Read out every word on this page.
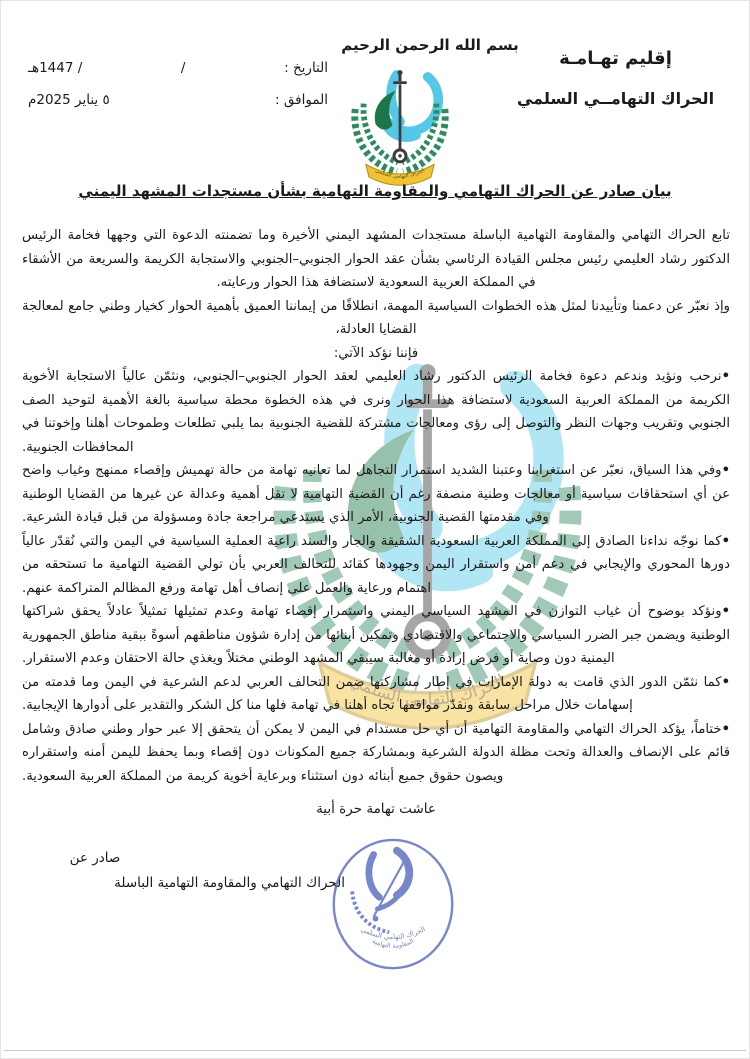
بسم الله الرحمن الرحيم
إقليم تهـامـة
الحراك التهامــي السلمي
التاريخ :
/
/ 1447هـ
الموافق :
٥ يناير 2025م
الحراك التهامي السلمي
بيان صادر عن الحراك التهامي والمقاومة التهامية بشأن مستجدات المشهد اليمني

تابع الحراك التهامي والمقاومة التهامية الباسلة مستجدات المشهد اليمني الأخيرة وما تضمنته الدعوة التي وجهها فخامة الرئيس الدكتور رشاد العليمي رئيس مجلس القيادة الرئاسي بشأن عقد الحوار الجنوبي–الجنوبي والاستجابة الكريمة والسريعة من الأشقاء في المملكة العربية السعودية لاستضافة هذا الحوار ورعايته.

وإذ نعبّر عن دعمنا وتأييدنا لمثل هذه الخطوات السياسية المهمة، انطلاقًا من إيماننا العميق بأهمية الحوار كخيار وطني جامع لمعالجة القضايا العادلة،

فإننا نؤكد الآتي:

• نرحب ونؤيد وندعم دعوة فخامة الرئيس الدكتور رشاد العليمي لعقد الحوار الجنوبي–الجنوبي، ونثمّن عالياً الاستجابة الأخوية الكريمة من المملكة العربية السعودية لاستضافة هذا الحوار ونرى في هذه الخطوة محطة سياسية بالغة الأهمية لتوحيد الصف الجنوبي وتقريب وجهات النظر والتوصل إلى رؤى ومعالجات مشتركة للقضية الجنوبية بما يلبي تطلعات وطموحات أهلنا وإخوتنا في المحافظات الجنوبية.

• وفي هذا السياق، نعبّر عن استغرابنا وعتبنا الشديد استمرار التجاهل لما تعانيه تهامة من حالة تهميش وإقصاء ممنهج وغياب واضح عن أي استحقاقات سياسية أو معالجات وطنية منصفة رغم أن القضية التهامية لا تقل أهمية وعدالة عن غيرها من القضايا الوطنية وفي مقدمتها القضية الجنوبية، الأمر الذي يستدعي مراجعة جادة ومسؤولة من قبل قيادة الشرعية.

• كما نوجّه نداءنا الصادق إلى المملكة العربية السعودية الشقيقة والجار والسند راعية العملية السياسية في اليمن والتي نُقدّر عالياً دورها المحوري والإيجابي في دعم أمن واستقرار اليمن وجهودها كقائد للتحالف العربي بأن تولي القضية التهامية ما تستحقه من اهتمام ورعاية والعمل على إنصاف أهل تهامة ورفع المظالم المتراكمة عنهم.

• ونؤكد بوضوح أن غياب التوازن في المشهد السياسي اليمني واستمرار إقصاء تهامة وعدم تمثيلها تمثيلاً عادلاً يحقق شراكتها الوطنية ويضمن جبر الضرر السياسي والاجتماعي والاقتصادي وتمكين أبنائها من إدارة شؤون مناطقهم أسوةً ببقية مناطق الجمهورية اليمنية دون وصاية أو فرض إرادة أو مغالبة سيبقي المشهد الوطني مختلاً ويغذي حالة الاحتقان وعدم الاستقرار.

• كما نثمّن الدور الذي قامت به دولة الإمارات في إطار مشاركتها ضمن التحالف العربي لدعم الشرعية في اليمن وما قدمته من إسهامات خلال مراحل سابقة ونقدّر مواقفها تجاه أهلنا في تهامة فلها منا كل الشكر والتقدير على أدوارها الإيجابية.

• ختاماً، يؤكد الحراك التهامي والمقاومة التهامية أن أي حل مستدام في اليمن لا يمكن أن يتحقق إلا عبر حوار وطني صادق وشامل قائم على الإنصاف والعدالة وتحت مظلة الدولة الشرعية وبمشاركة جميع المكونات دون إقصاء وبما يحفظ لليمن أمنه واستقراره ويصون حقوق جميع أبنائه دون استثناء وبرعاية أخوية كريمة من المملكة العربية السعودية.

عاشت تهامة حرة أبية

صادر عن
الحراك التهامي والمقاومة التهامية الباسلة
الحراك التهامي السلمي
المقاومة التهامية
